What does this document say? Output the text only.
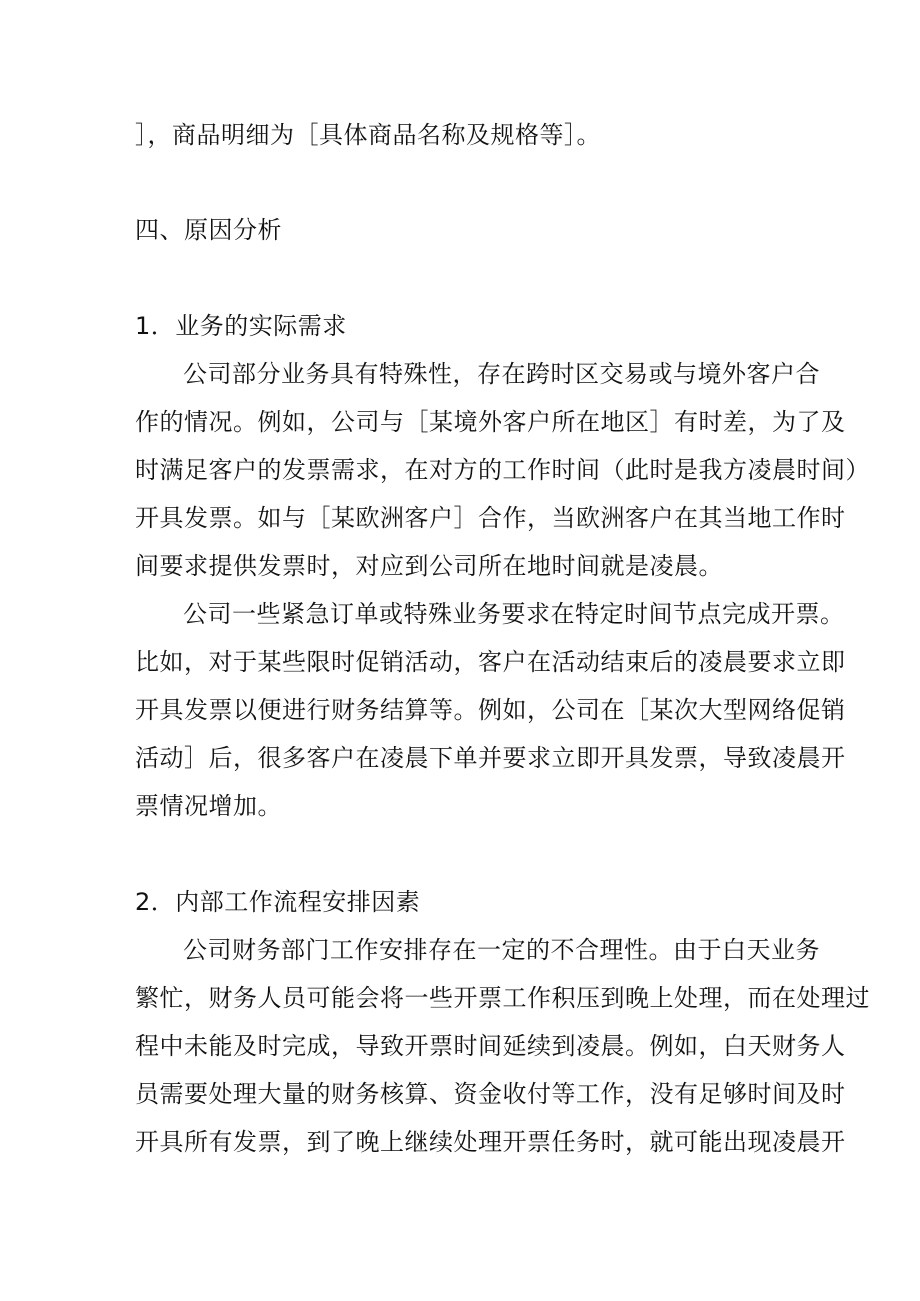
］，商品明细为［具体商品名称及规格等］。
四、原因分析
1．业务的实际需求
公司部分业务具有特殊性，存在跨时区交易或与境外客户合
作的情况。例如，公司与［某境外客户所在地区］有时差，为了及
时满足客户的发票需求，在对方的工作时间（此时是我方凌晨时间）
开具发票。如与［某欧洲客户］合作，当欧洲客户在其当地工作时
间要求提供发票时，对应到公司所在地时间就是凌晨。
公司一些紧急订单或特殊业务要求在特定时间节点完成开票。
比如，对于某些限时促销活动，客户在活动结束后的凌晨要求立即
开具发票以便进行财务结算等。例如，公司在［某次大型网络促销
活动］后，很多客户在凌晨下单并要求立即开具发票，导致凌晨开
票情况增加。
2．内部工作流程安排因素
公司财务部门工作安排存在一定的不合理性。由于白天业务
繁忙，财务人员可能会将一些开票工作积压到晚上处理，而在处理过
程中未能及时完成，导致开票时间延续到凌晨。例如，白天财务人
员需要处理大量的财务核算、资金收付等工作，没有足够时间及时
开具所有发票，到了晚上继续处理开票任务时，就可能出现凌晨开
